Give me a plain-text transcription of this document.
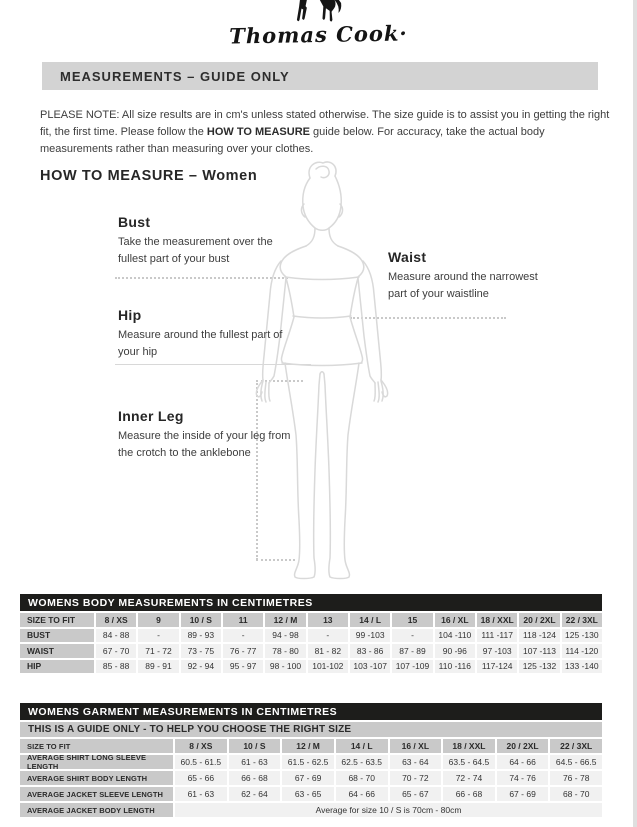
Thomas Cook·
MEASUREMENTS – GUIDE ONLY

PLEASE NOTE: All size results are in cm's unless stated otherwise. The size guide is to assist you in getting the right fit, the first time. Please follow the HOW TO MEASURE guide below. For accuracy, take the actual body measurements rather than measuring over your clothes.

HOW TO MEASURE – Women
Bust

Take the measurement over the fullest part of your bust	Waist

Measure around the narrowest part of your waistline

Hip

Measure around the fullest part of your hip

Inner Leg

Measure the inside of your leg from the crotch to the anklebone

WOMENS BODY MEASUREMENTS IN CENTIMETRES
SIZE TO FIT	8 / XS	9	10 / S	11	12 / M	13	14 / L	15	16 / XL	18 / XXL	20 / 2XL	22 / 3XL
BUST	84 - 88	-	89 - 93	-	94 - 98	-	99 -103	-	104 -110	111 -117	118 -124	125 -130
WAIST	67 - 70	71 - 72	73 - 75	76 - 77	78 - 80	81 - 82	83 - 86	87 - 89	90 -96	97 -103	107 -113	114 -120
HIP	85 - 88	89 - 91	92 - 94	95 - 97	98 - 100	101-102	103 -107	107 -109	110 -116	117-124	125 -132	133 -140
WOMENS GARMENT MEASUREMENTS IN CENTIMETRES
THIS IS A GUIDE ONLY - TO HELP YOU CHOOSE THE RIGHT SIZE
SIZE TO FIT	8 / XS	10 / S	12 / M	14 / L	16 / XL	18 / XXL	20 / 2XL	22 / 3XL
AVERAGE SHIRT LONG SLEEVE LENGTH	60.5 - 61.5	61 - 63	61.5 - 62.5	62.5 - 63.5	63 - 64	63.5 - 64.5	64 - 66	64.5 - 66.5
AVERAGE SHIRT BODY LENGTH	65 - 66	66 - 68	67 - 69	68 - 70	70 - 72	72 - 74	74 - 76	76 - 78
AVERAGE JACKET SLEEVE LENGTH	61 - 63	62 - 64	63 - 65	64 - 66	65 - 67	66 - 68	67 - 69	68 - 70
AVERAGE JACKET BODY LENGTH	Average for size 10 / S is 70cm - 80cm
